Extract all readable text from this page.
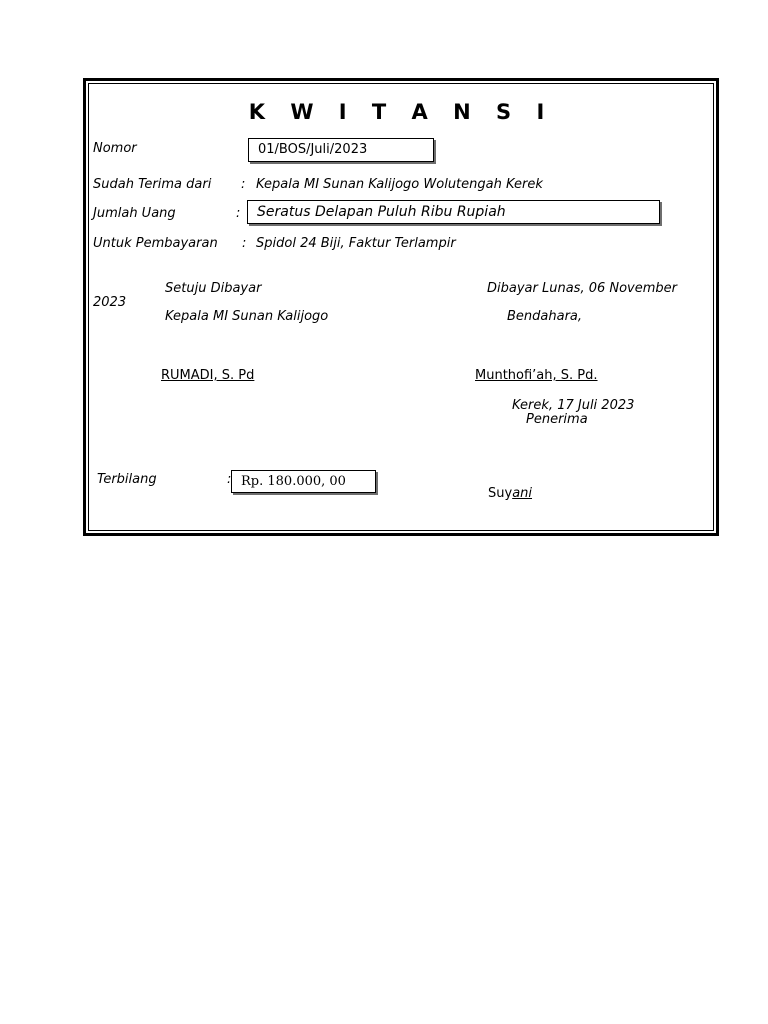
K W I T A N S I
Nomor	01/BOS/Juli/2023
Sudah Terima dari : Kepala MI Sunan Kalijogo Wolutengah Kerek
Jumlah Uang	:	Seratus Delapan Puluh Ribu Rupiah
Untuk Pembayaran : Spidol 24 Biji, Faktur Terlampir
Setuju Dibayar
Kepala MI Sunan Kalijogo
RUMADI, S. Pd
Dibayar Lunas, 06 November
2023
Bendahara,
Munthofi’ah, S. Pd.
Kerek, 17 Juli 2023
Penerima
Suyani
Terbilang	: Rp. 180.000, 00
